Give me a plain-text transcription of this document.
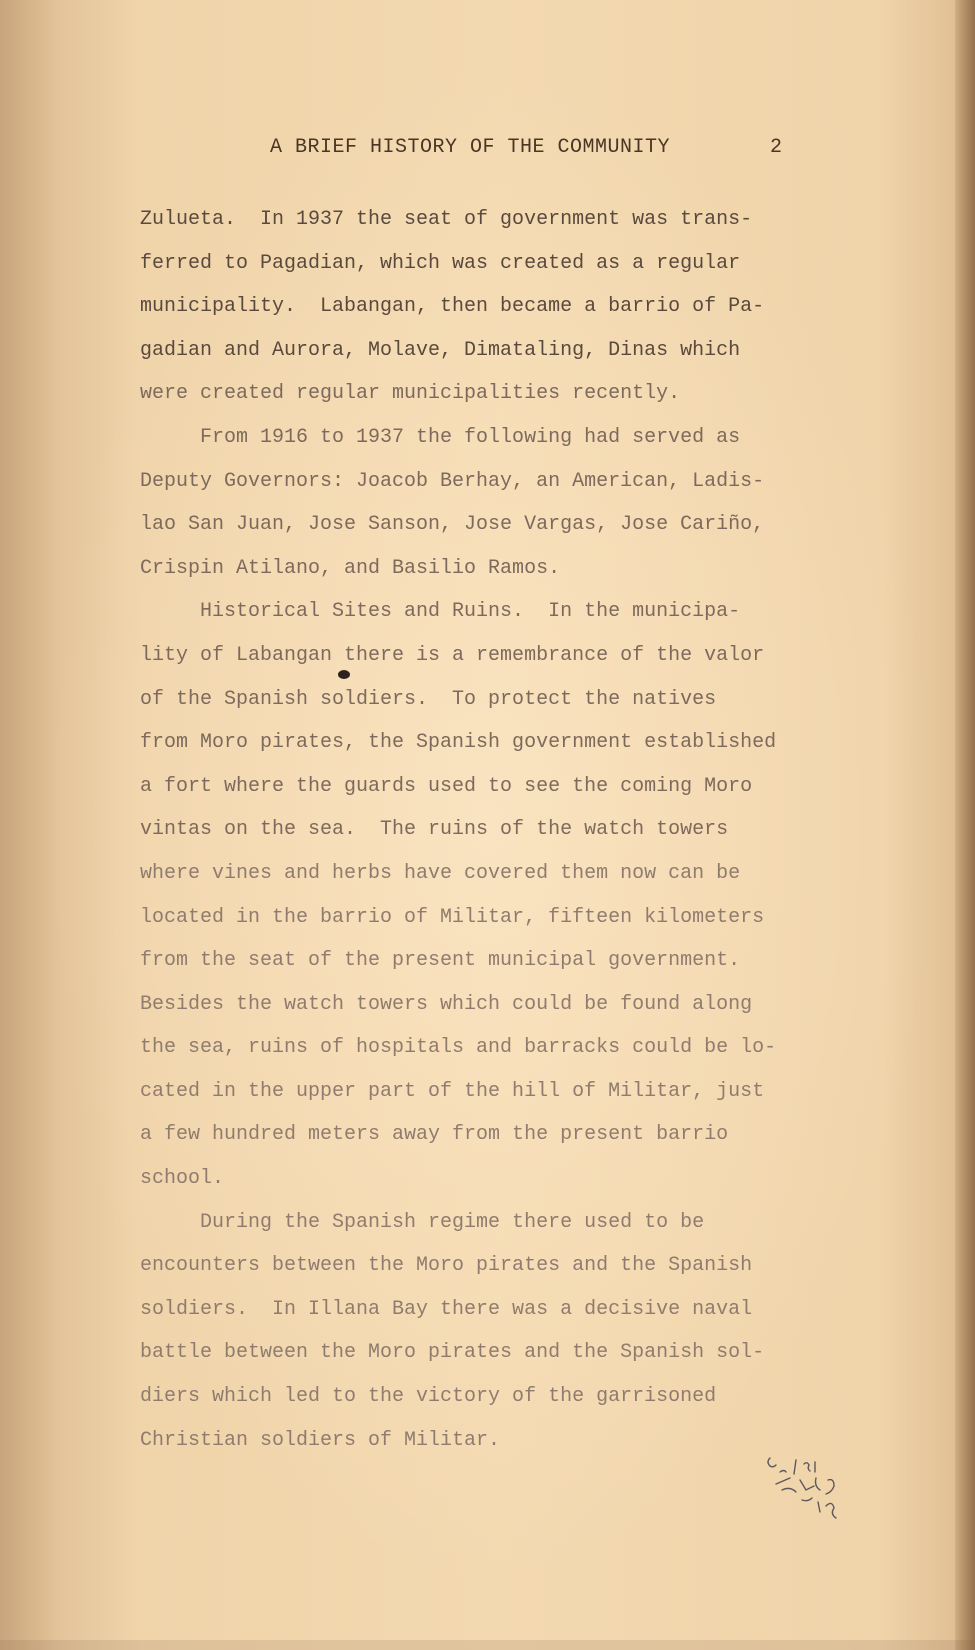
A BRIEF HISTORY OF THE COMMUNITY	2
Zulueta.  In 1937 the seat of government was trans-
ferred to Pagadian, which was created as a regular
municipality.  Labangan, then became a barrio of Pa-
gadian and Aurora, Molave, Dimataling, Dinas which
were created regular municipalities recently.
From 1916 to 1937 the following had served as
Deputy Governors: Joacob Berhay, an American, Ladis-
lao San Juan, Jose Sanson, Jose Vargas, Jose Cariño,
Crispin Atilano, and Basilio Ramos.
Historical Sites and Ruins.  In the municipa-
lity of Labangan there is a remembrance of the valor
of the Spanish soldiers.  To protect the natives
from Moro pirates, the Spanish government established
a fort where the guards used to see the coming Moro
vintas on the sea.  The ruins of the watch towers
where vines and herbs have covered them now can be
located in the barrio of Militar, fifteen kilometers
from the seat of the present municipal government.
Besides the watch towers which could be found along
the sea, ruins of hospitals and barracks could be lo-
cated in the upper part of the hill of Militar, just
a few hundred meters away from the present barrio
school.
During the Spanish regime there used to be
encounters between the Moro pirates and the Spanish
soldiers.  In Illana Bay there was a decisive naval
battle between the Moro pirates and the Spanish sol-
diers which led to the victory of the garrisoned
Christian soldiers of Militar.
